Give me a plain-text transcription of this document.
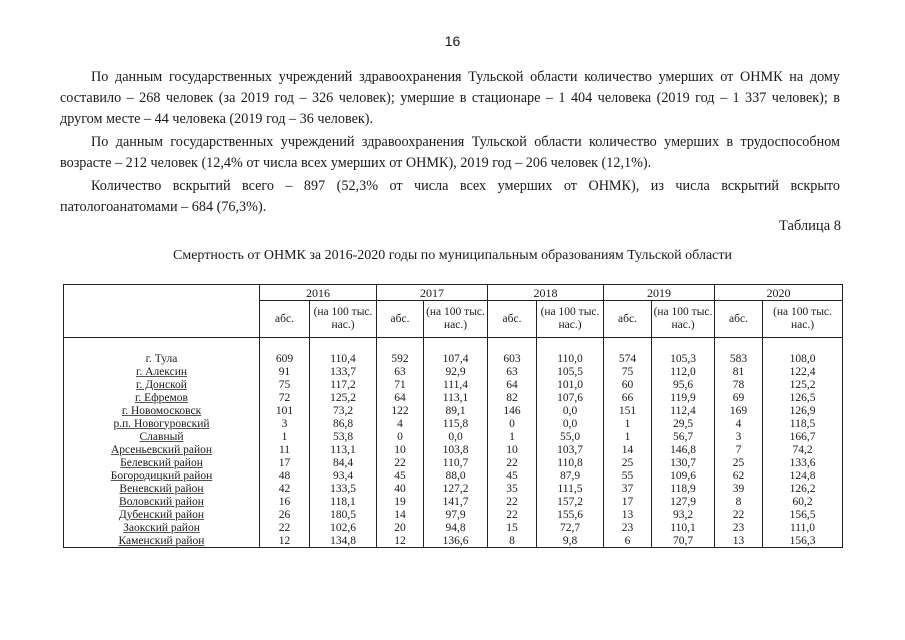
16

По данным государственных учреждений здравоохранения Тульской области количество умерших от ОНМК на дому составило – 268 человек (за 2019 год – 326 человек); умершие в стационаре – 1 404 человека (2019 год – 1 337 человек); в другом месте – 44 человека (2019 год – 36 человек).

По данным государственных учреждений здравоохранения Тульской области количество умерших в трудоспособном возрасте – 212 человек (12,4% от числа всех умерших от ОНМК), 2019 год – 206 человек (12,1%).

Количество вскрытий всего – 897 (52,3% от числа всех умерших от ОНМК), из числа вскрытий вскрыто патологоанатомами – 684 (76,3%).

Таблица 8
Смертность от ОНМК за 2016-2020 годы по муниципальным образованиям Тульской области
	2016		2017		2018		2019		2020	
	абс.	(на 100 тыс. нас.)	абс.	(на 100 тыс. нас.)	абс.	(на 100 тыс. нас.)	абс.	(на 100 тыс. нас.)	абс.	(на 100 тыс. нас.)

г. Тула	609	110,4	592	107,4	603	110,0	574	105,3	583	108,0
г. Алексин	91	133,7	63	92,9	63	105,5	75	112,0	81	122,4
г. Донской	75	117,2	71	111,4	64	101,0	60	95,6	78	125,2
г. Ефремов	72	125,2	64	113,1	82	107,6	66	119,9	69	126,5
г. Новомосковск	101	73,2	122	89,1	146	0,0	151	112,4	169	126,9
р.п. Новогуровский	3	86,8	4	115,8	0	0,0	1	29,5	4	118,5
Славный	1	53,8	0	0,0	1	55,0	1	56,7	3	166,7
Арсеньевский район	11	113,1	10	103,8	10	103,7	14	146,8	7	74,2
Белевский район	17	84,4	22	110,7	22	110,8	25	130,7	25	133,6
Богородицкий район	48	93,4	45	88,0	45	87,9	55	109,6	62	124,8
Веневский район	42	133,5	40	127,2	35	111,5	37	118,9	39	126,2
Воловский район	16	118,1	19	141,7	22	157,2	17	127,9	8	60,2
Дубенский район	26	180,5	14	97,9	22	155,6	13	93,2	22	156,5
Заокский район	22	102,6	20	94,8	15	72,7	23	110,1	23	111,0
Каменский район	12	134,8	12	136,6	8	9,8	6	70,7	13	156,3
